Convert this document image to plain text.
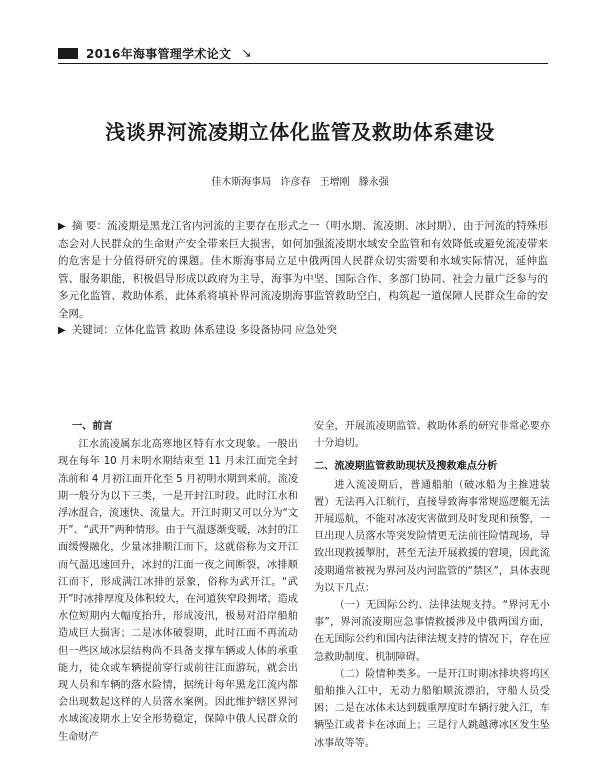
2016年海事管理学术论文 ↘
浅谈界河流凌期立体化监管及救助体系建设
佳木斯海事局 许彦春 王增刚 滕永强
▶ 摘 要：流凌期是黑龙江省内河流的主要存在形式之一（明水期、流凌期、冰封期），由于河流的特殊形态会对人民群众的生命财产安全带来巨大损害，如何加强流凌期水域安全监管和有效降低或避免流凌带来的危害是十分值得研究的课题。佳木斯海事局立足中俄两国人民群众切实需要和水域实际情况，延伸监管、服务职能，积极倡导形成以政府为主导，海事为中坚、国际合作、多部门协同、社会力量广泛参与的多元化监管、救助体系，此体系将填补界河流凌期海事监管救助空白，构筑起一道保障人民群众生命的安全网。
▶ 关键词：立体化监管 救助 体系建设 多设备协同 应急处突
一、前言

江水流凌属东北高寒地区特有水文现象。一般出现在每年 10 月末明水期结束至 11 月末江面完全封冻前和 4 月初江面开化至 5 月初明水期到来前，流凌期一般分为以下三类，一是开封江时段。此时江水和浮冰混合，流速快、流量大。开江时期又可以分为“文开”、“武开”两种情形。由于气温逐渐变暖，冰封的江面缓慢融化，少量冰排顺江而下，这就俗称为文开江而气温迅速回升，冰封的江面一夜之间断裂，冰排顺江而下，形成满江冰排的景象，俗称为武开江。“武开”时冰排厚度及体积较大，在河道狭窄段拥堵，造成水位短期内大幅度抬升，形成凌汛，极易对沿岸船舶造成巨大损害；二是冰体破裂期，此时江面不再流动但一些区域冰层结构尚不具备支撑车辆或人体的承重能力，徒众或车辆提前穿行或前往江面游玩，就会出现人员和车辆的落水险情，据统计每年黑龙江流内都会出现数起这样的人员落水案例。因此维护辖区界河水域流凌期水上安全形势稳定，保障中俄人民群众的生命财产

安全，开展流凌期监管、救助体系的研究非常必要亦十分迫切。

二、流凌期监管救助现状及搜救难点分析

进入流凌期后，普通船舶（破冰船为主推进装置）无法再入江航行，直接导致海事常规巡逻艇无法开展巡航，不能对冰凌灾害做到及时发现和预警，一旦出现人员落水等突发险情更无法前往险情现场，导致出现救援掣肘，甚至无法开展救援的窘境，因此流凌期通常被视为界河及内河监管的“禁区”，具体表现为以下几点：

（一）无国际公约、法律法规支持。“界河无小事”，界河流凌期应急事情救援涉及中俄两国方面，在无国际公约和国内法律法规支持的情况下，存在应急救助制度、机制障碍。

（二）险情种类多。一是开江时期冰排块将坞区船舶推入江中，无动力船舶顺流漂泊，守船人员受困；二是在冰体未达到载重厚度时车辆行驶入江，车辆坠江或者卡在冰面上；三是行人跳越薄冰区发生坠冰事故等等。
